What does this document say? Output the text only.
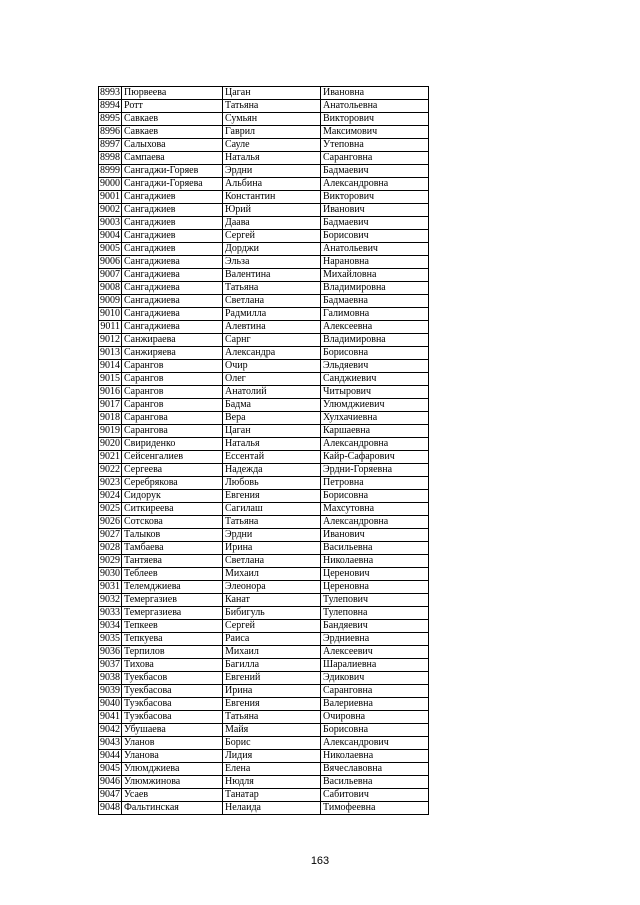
8993	Пюрвеева	Цаган	Ивановна
8994	Ротт	Татьяна	Анатольевна
8995	Савкаев	Сумьян	Викторович
8996	Савкаев	Гаврил	Максимович
8997	Салыхова	Сауле	Утеповна
8998	Сампаева	Наталья	Саранговна
8999	Сангаджи-Горяев	Эрдни	Бадмаевич
9000	Сангаджи-Горяева	Альбина	Александровна
9001	Сангаджиев	Константин	Викторович
9002	Сангаджиев	Юрий	Иванович
9003	Сангаджиев	Даава	Бадмаевич
9004	Сангаджиев	Сергей	Борисович
9005	Сангаджиев	Дорджи	Анатольевич
9006	Сангаджиева	Эльза	Нарановна
9007	Сангаджиева	Валентина	Михайловна
9008	Сангаджиева	Татьяна	Владимировна
9009	Сангаджиева	Светлана	Бадмаевна
9010	Сангаджиева	Радмилла	Галимовна
9011	Сангаджиева	Алевтина	Алексеевна
9012	Санжираева	Сарнг	Владимировна
9013	Санжиряева	Александра	Борисовна
9014	Сарангов	Очир	Эльдяевич
9015	Сарангов	Олег	Санджиевич
9016	Сарангов	Анатолий	Читырович
9017	Сарангов	Бадма	Улюмджиевич
9018	Сарангова	Вера	Хулхачиевна
9019	Сарангова	Цаган	Каршаевна
9020	Свириденко	Наталья	Александровна
9021	Сейсенгалиев	Есcентай	Кайр-Сафарович
9022	Сергеева	Надежда	Эрдни-Горяевна
9023	Серебрякова	Любовь	Петровна
9024	Сидорук	Евгения	Борисовна
9025	Ситкиреева	Сагилаш	Махсутовна
9026	Сотскова	Татьяна	Александровна
9027	Талыков	Эрдни	Иванович
9028	Тамбаева	Ирина	Васильевна
9029	Тантяева	Светлана	Николаевна
9030	Теблеев	Михаил	Церенович
9031	Телемджиева	Элеонора	Цереновна
9032	Темергазиев	Канат	Тулепович
9033	Темергазиева	Бибигуль	Тулеповна
9034	Тепкеев	Сергей	Бандяевич
9035	Тепкуева	Раиса	Эрдниевна
9036	Терпилов	Михаил	Алексеевич
9037	Тихова	Багилла	Шаралиевна
9038	Туекбасов	Евгений	Эдикович
9039	Туекбасова	Ирина	Саранговна
9040	Туэкбасова	Евгения	Валериевна
9041	Туэкбасова	Татьяна	Очировна
9042	Убушаева	Майя	Борисовна
9043	Уланов	Борис	Александрович
9044	Уланова	Лидия	Николаевна
9045	Улюмджиева	Елена	Вячеславовна
9046	Улюмжинова	Нюдля	Васильевна
9047	Усаев	Танатар	Сабитович
9048	Фальтинская	Нелаида	Тимофеевна
163
